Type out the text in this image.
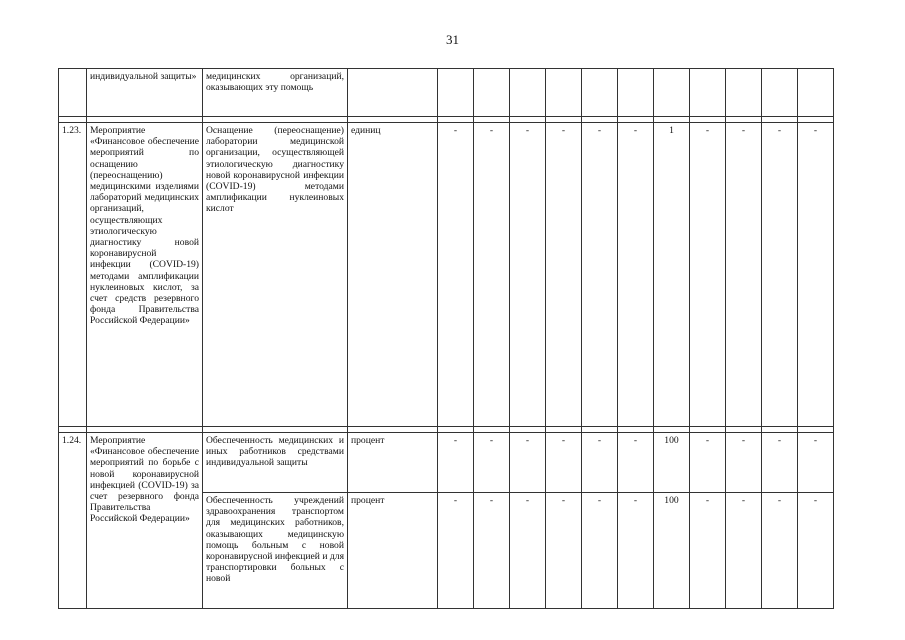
31
	индивидуальной защиты»	медицинских организаций, оказывающих эту помощь												

1.23.	Мероприятие «Финансовое обеспечение мероприятий по оснащению (переоснащению) медицинскими изделиями лабораторий медицинских организаций, осуществляющих этиологическую диагностику новой коронавирусной инфекции (COVID-19) методами амплификации нуклеиновых кислот, за счет средств резервного фонда Правительства Российской Федерации»	Оснащение (переоснащение) лаборатории медицинской организации, осуществляющей этиологическую диагностику новой коронавирусной инфекции (COVID-19) методами амплификации нуклеиновых кислот	единиц	-	-	-	-	-	-	1	-	-	-	-

1.24.	Мероприятие «Финансовое обеспечение мероприятий по борьбе с новой коронавирусной инфекцией (COVID-19) за счет резервного фонда Правительства Российской Федерации»	Обеспеченность медицинских и иных работников средствами индивидуальной защиты	процент	-	-	-	-	-	-	100	-	-	-	-
		Обеспеченность учреждений здравоохранения транспортом для медицинских работников, оказывающих медицинскую помощь больным с новой коронавирусной инфекцией и для транспортировки больных с новой	процент	-	-	-	-	-	-	100	-	-	-	-
